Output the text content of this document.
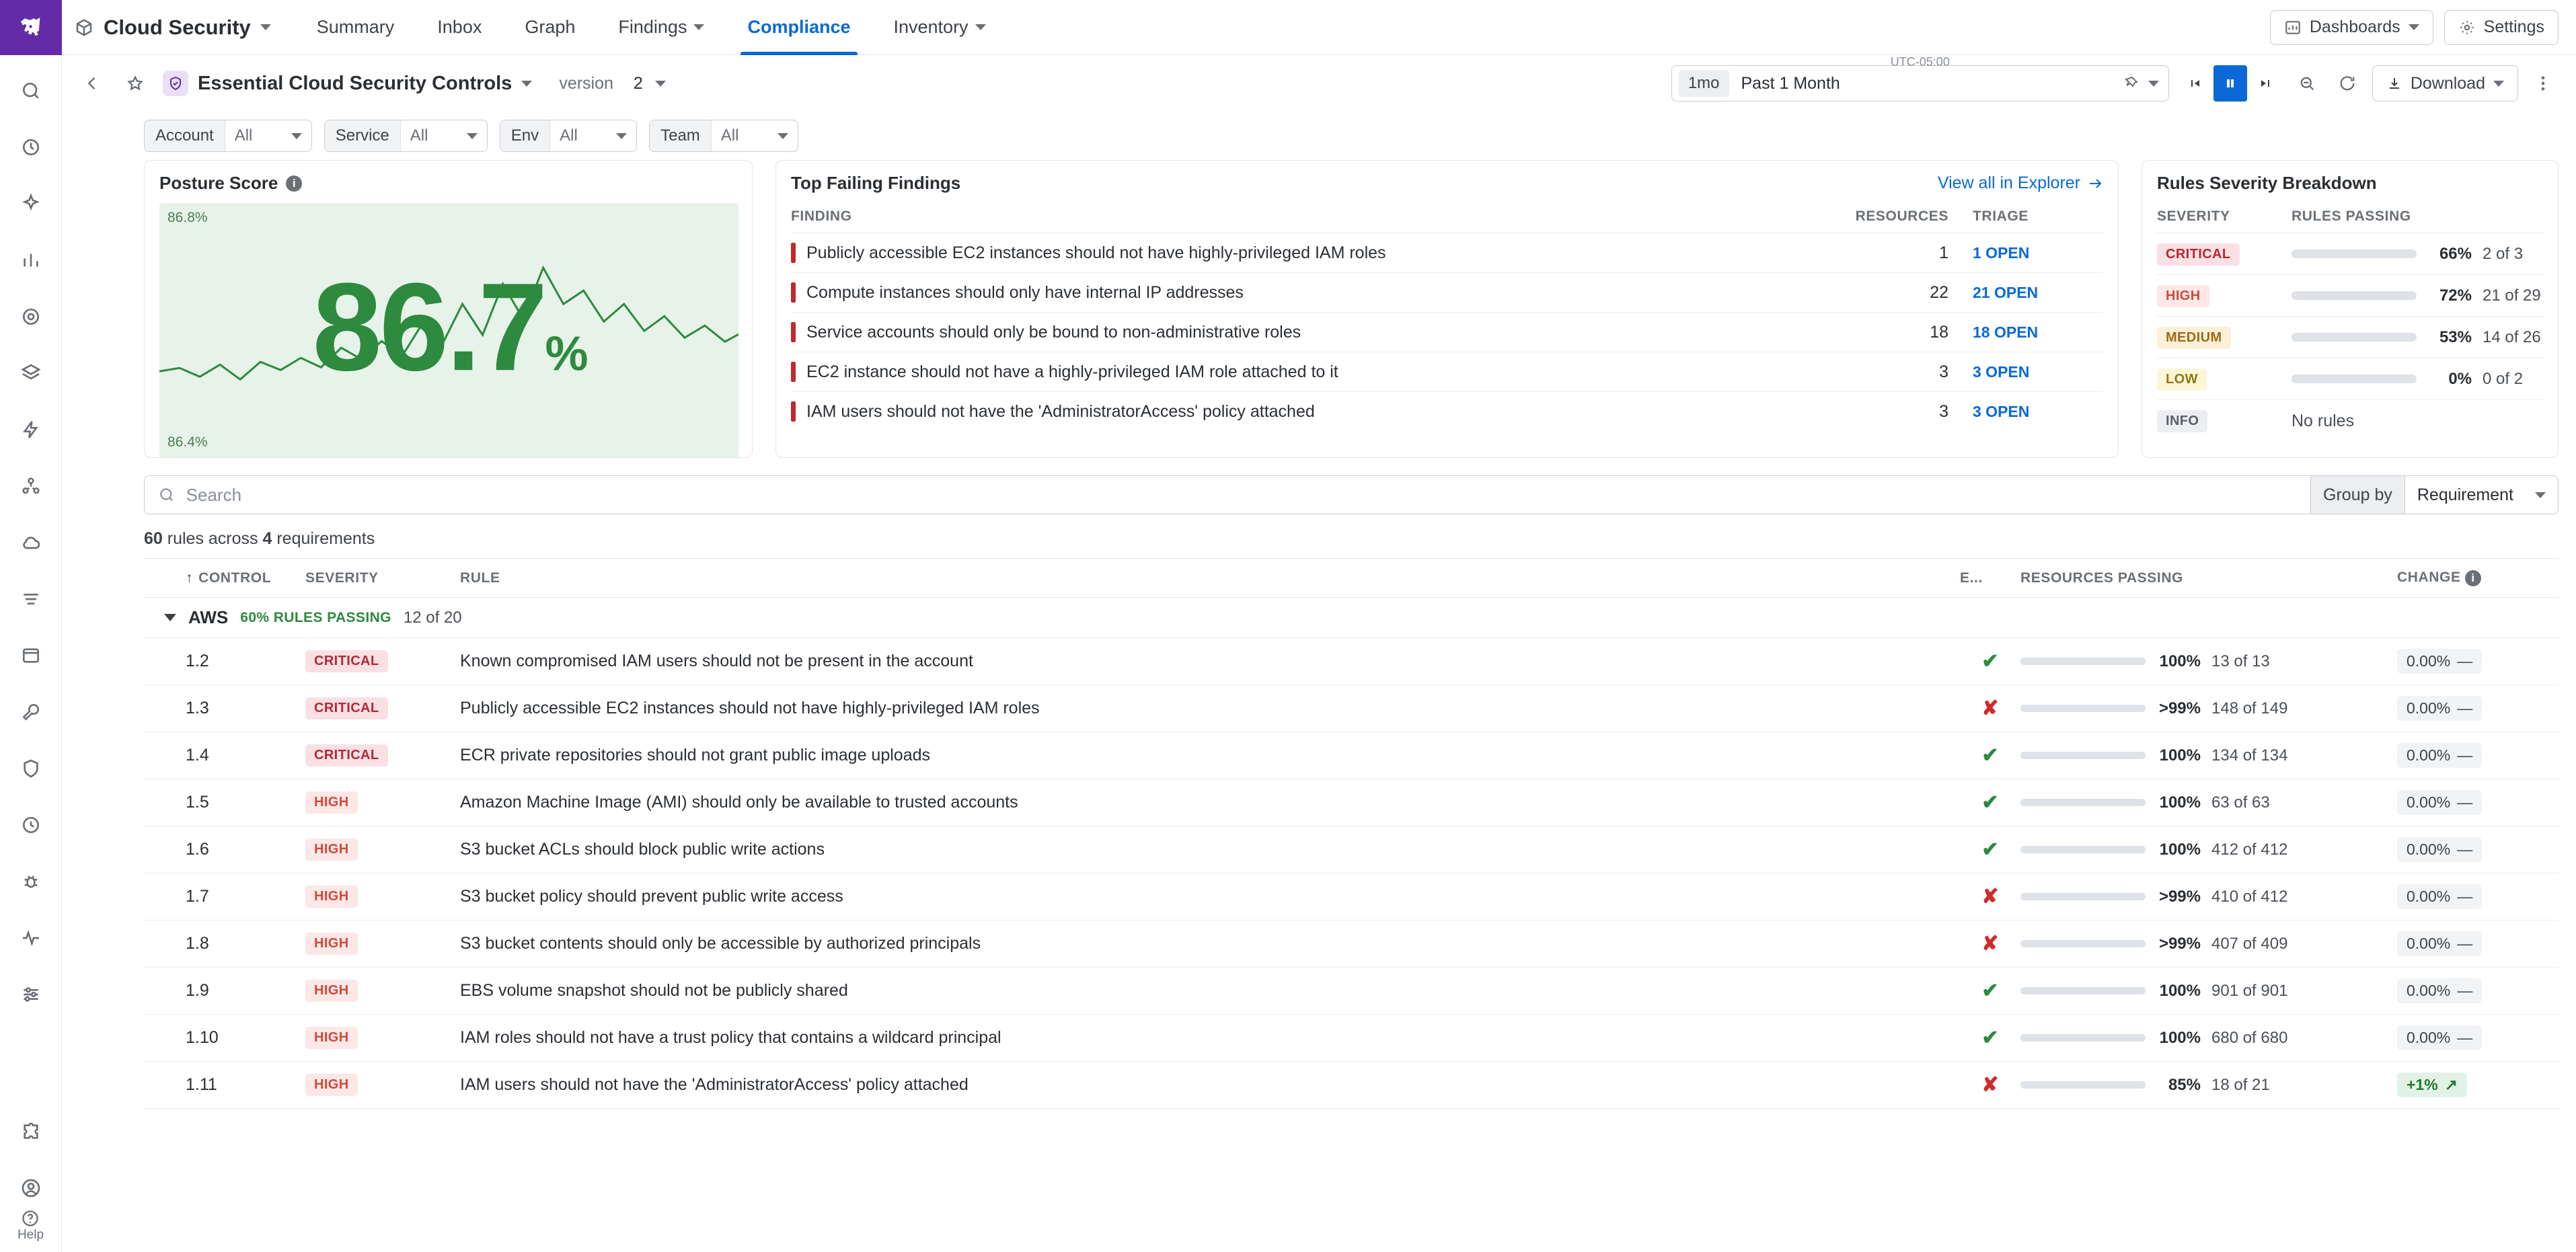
Help
Cloud Security	Summary Inbox Graph Findings	Compliance Inventory	Dashboards	Settings
Essential Cloud Security Controls	version 2
UTC-05:00
1mo	Past 1 Month	Download
Account	All	Service	All	Env	All	Team	All
Posture Score	i
86.8%
86.4%
86.7%
Top Failing Findings	View all in Explorer
FINDING	RESOURCES	TRIAGE

Publicly accessible EC2 instances should not have highly-privileged IAM roles	1	1 OPEN

Compute instances should only have internal IP addresses	22	21 OPEN

Service accounts should only be bound to non-administrative roles	18	18 OPEN

EC2 instance should not have a highly-privileged IAM role attached to it	3	3 OPEN

IAM users should not have the 'AdministratorAccess' policy attached	3	3 OPEN
Rules Severity Breakdown
SEVERITY	RULES PASSING
CRITICAL	66% 2 of 3

HIGH	72% 21 of 29

MEDIUM	53% 14 of 26

LOW	0% 0 of 2

INFO	No rules
Search
Group by	Requirement
60 rules across 4 requirements
↑ CONTROL	SEVERITY	RULE	E...	RESOURCES PASSING	CHANGE i

AWS 60% RULES PASSING 12 of 20					

1.2	CRITICAL	Known compromised IAM users should not be present in the account	✔	100% 13 of 13	0.00% —

1.3	CRITICAL	Publicly accessible EC2 instances should not have highly-privileged IAM roles	✘	>99% 148 of 149	0.00% —

1.4	CRITICAL	ECR private repositories should not grant public image uploads	✔	100% 134 of 134	0.00% —

1.5	HIGH	Amazon Machine Image (AMI) should only be available to trusted accounts	✔	100% 63 of 63	0.00% —

1.6	HIGH	S3 bucket ACLs should block public write actions	✔	100% 412 of 412	0.00% —

1.7	HIGH	S3 bucket policy should prevent public write access	✘	>99% 410 of 412	0.00% —

1.8	HIGH	S3 bucket contents should only be accessible by authorized principals	✘	>99% 407 of 409	0.00% —

1.9	HIGH	EBS volume snapshot should not be publicly shared	✔	100% 901 of 901	0.00% —

1.10	HIGH	IAM roles should not have a trust policy that contains a wildcard principal	✔	100% 680 of 680	0.00% —

1.11	HIGH	IAM users should not have the 'AdministratorAccess' policy attached	✘	85% 18 of 21	+1% ↗
